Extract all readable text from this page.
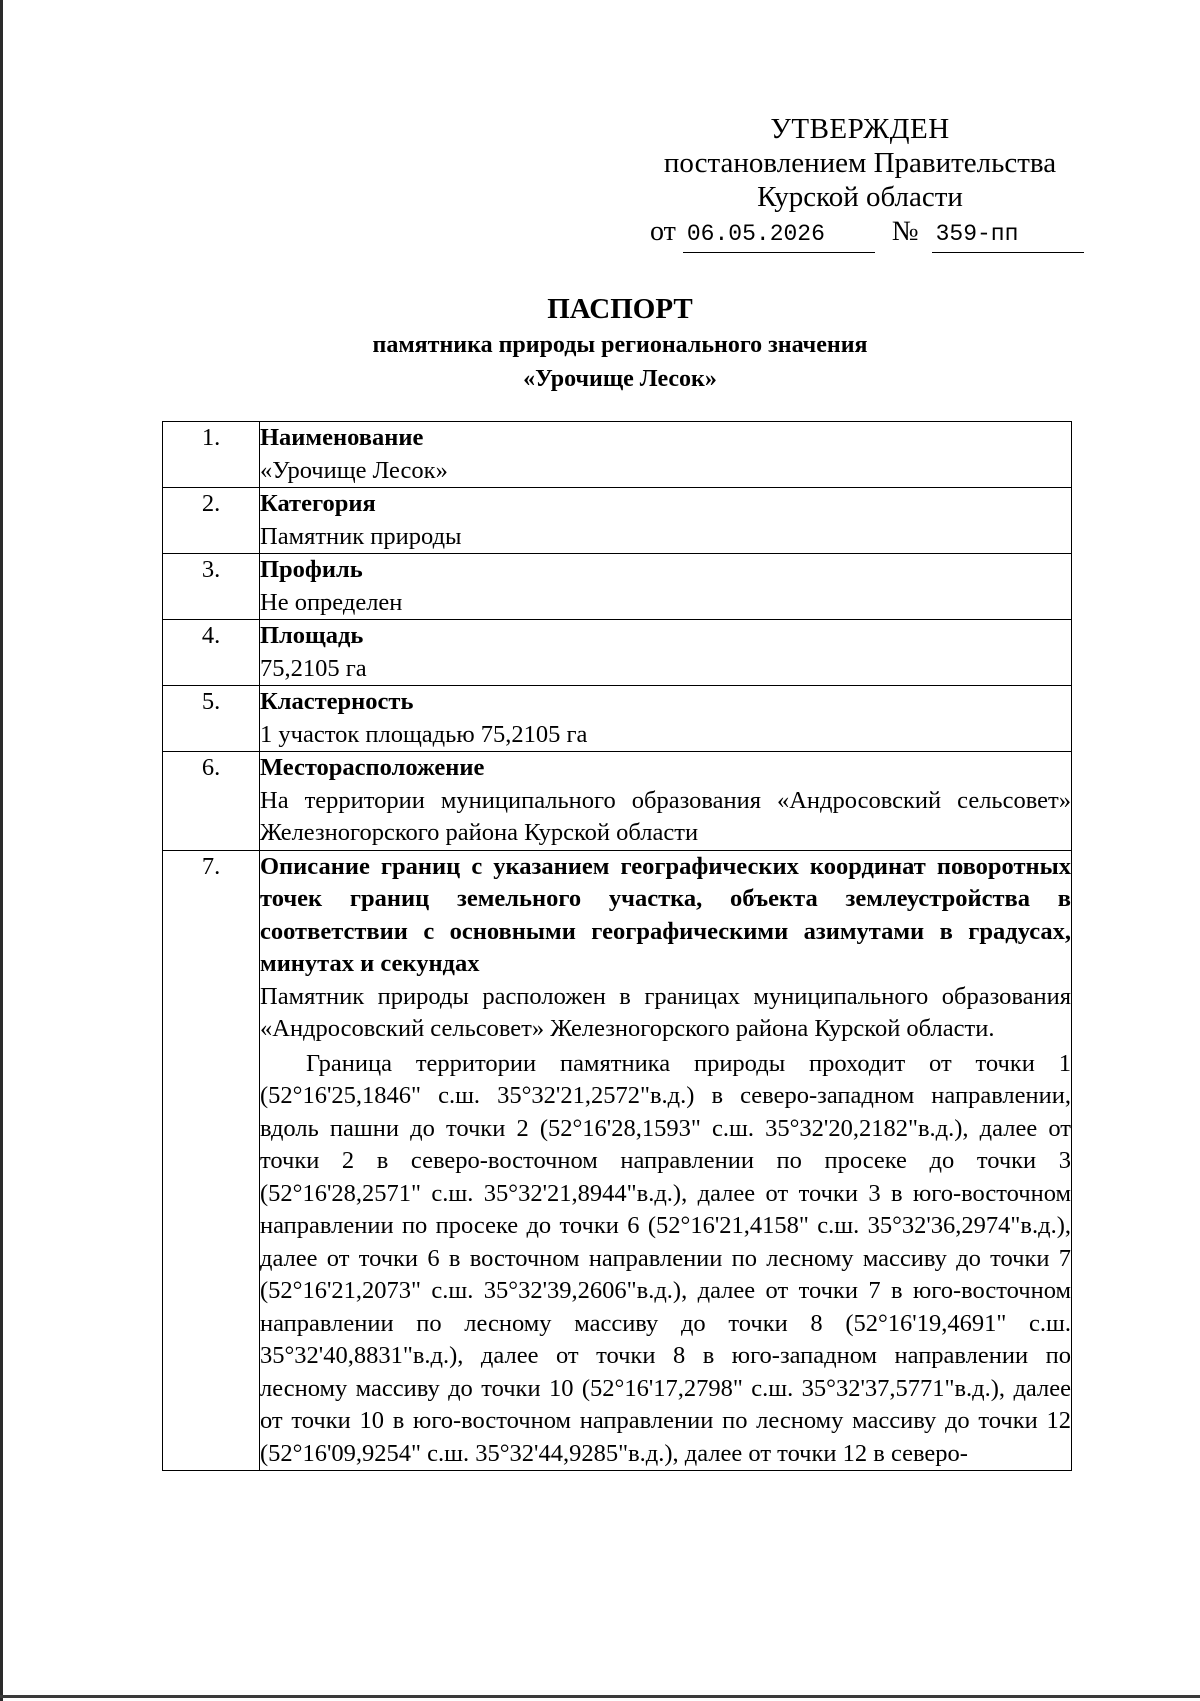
УТВЕРЖДЕН
постановлением Правительства
Курской области
от 06.05.2026 № 359-пп
ПАСПОРТ
памятника природы регионального значения
«Урочище Лесок»
1.	Наименование
«Урочище Лесок»

2.	Категория
Памятник природы

3.	Профиль
Не определен

4.	Площадь
75,2105 га

5.	Кластерность
1 участок площадью 75,2105 га

6.	Месторасположение
На территории муниципального образования «Андросовский сельсовет» Железногорского района Курской области

7.	Описание границ с указанием географических координат поворотных точек границ земельного участка, объекта землеустройства в соответствии с основными географическими азимутами в градусах, минутах и секундах
Памятник природы расположен в границах муниципального образования «Андросовский сельсовет» Железногорского района Курской области.
Граница территории памятника природы проходит от точки 1 (52°16'25,1846" с.ш. 35°32'21,2572"в.д.) в северо-западном направлении, вдоль пашни до точки 2 (52°16'28,1593" с.ш. 35°32'20,2182"в.д.), далее от точки 2 в северо-восточном направлении по просеке до точки 3 (52°16'28,2571" с.ш. 35°32'21,8944"в.д.), далее от точки 3 в юго-восточном направлении по просеке до точки 6 (52°16'21,4158" с.ш. 35°32'36,2974"в.д.), далее от точки 6 в восточном направлении по лесному массиву до точки 7 (52°16'21,2073" с.ш. 35°32'39,2606"в.д.), далее от точки 7 в юго-восточном направлении по лесному массиву до точки 8 (52°16'19,4691" с.ш. 35°32'40,8831"в.д.), далее от точки 8 в юго-западном направлении по лесному массиву до точки 10 (52°16'17,2798" с.ш. 35°32'37,5771"в.д.), далее от точки 10 в юго-восточном направлении по лесному массиву до точки 12 (52°16'09,9254" с.ш. 35°32'44,9285"в.д.), далее от точки 12 в северо-
